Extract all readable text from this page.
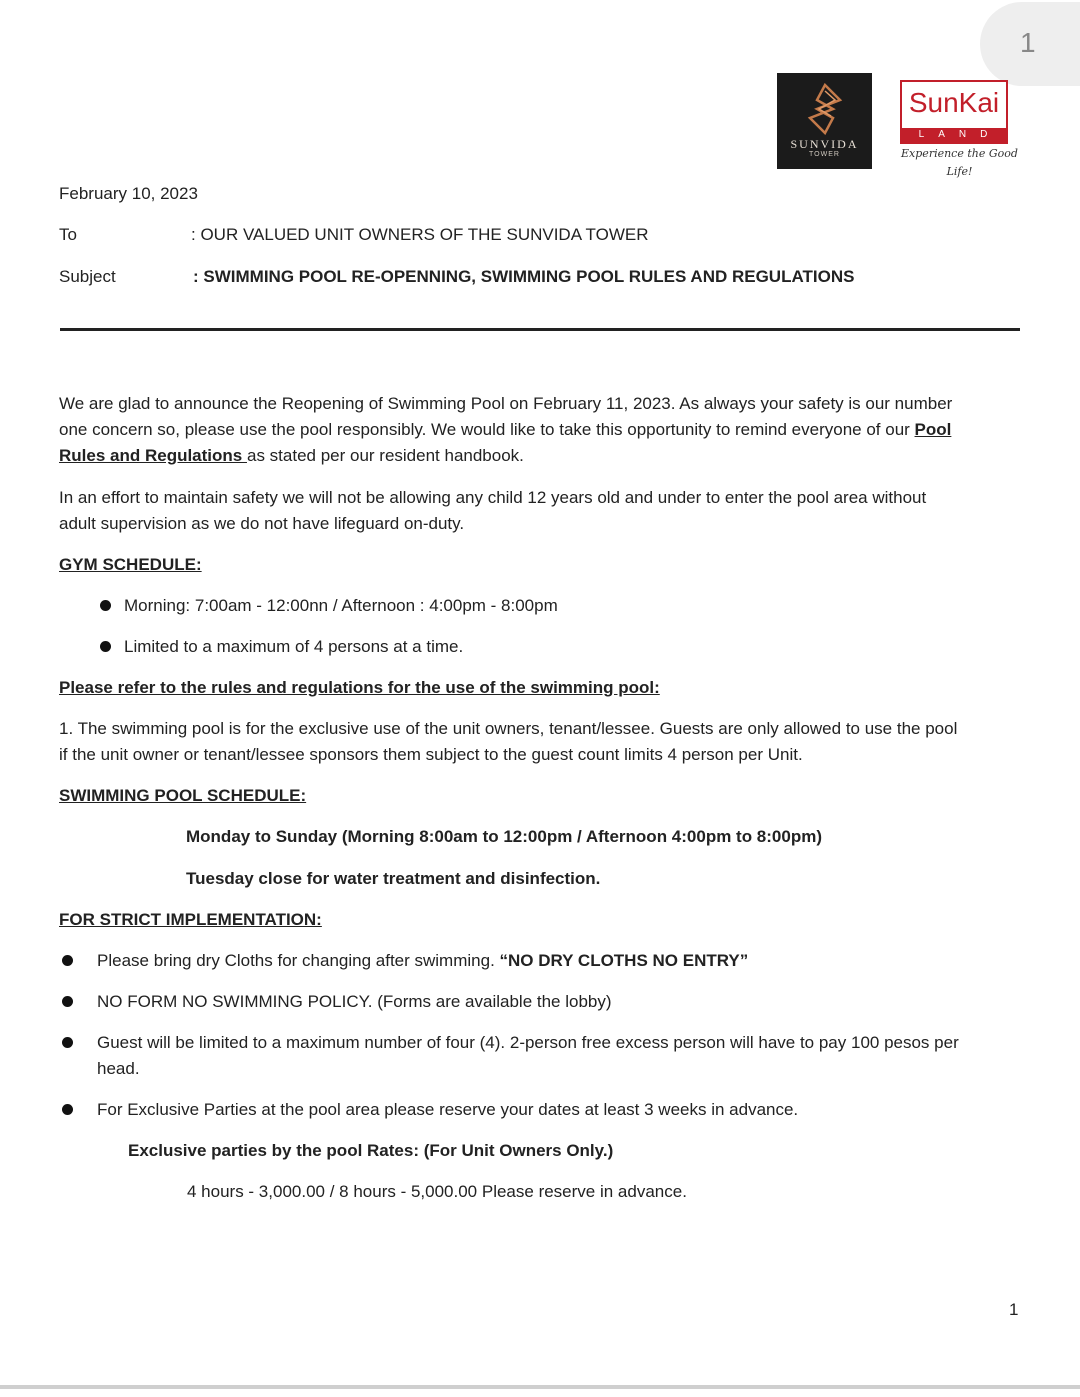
1
SUNVIDA
TOWER
SunKai
LAND
Experience the Good Life!
February 10, 2023
To	: OUR VALUED UNIT OWNERS OF THE SUNVIDA TOWER
Subject	: SWIMMING POOL RE-OPENNING, SWIMMING POOL RULES AND REGULATIONS
We are glad to announce the Reopening of Swimming Pool on February 11, 2023. As always your safety is our number
one concern so, please use the pool responsibly. We would like to take this opportunity to remind everyone of our Pool
Rules and Regulations as stated per our resident handbook.
In an effort to maintain safety we will not be allowing any child 12 years old and under to enter the pool area without
adult supervision as we do not have lifeguard on-duty.
GYM SCHEDULE:
Morning: 7:00am - 12:00nn / Afternoon : 4:00pm - 8:00pm
Limited to a maximum of 4 persons at a time.
Please refer to the rules and regulations for the use of the swimming pool:
1. The swimming pool is for the exclusive use of the unit owners, tenant/lessee. Guests are only allowed to use the pool
if the unit owner or tenant/lessee sponsors them subject to the guest count limits 4 person per Unit.
SWIMMING POOL SCHEDULE:
Monday to Sunday (Morning 8:00am to 12:00pm / Afternoon 4:00pm to 8:00pm)
Tuesday close for water treatment and disinfection.
FOR STRICT IMPLEMENTATION:
Please bring dry Cloths for changing after swimming. “NO DRY CLOTHS NO ENTRY”
NO FORM NO SWIMMING POLICY. (Forms are available the lobby)
Guest will be limited to a maximum number of four (4). 2-person free excess person will have to pay 100 pesos per
head.
For Exclusive Parties at the pool area please reserve your dates at least 3 weeks in advance.
Exclusive parties by the pool Rates: (For Unit Owners Only.)
4 hours - 3,000.00 / 8 hours - 5,000.00 Please reserve in advance.
1
